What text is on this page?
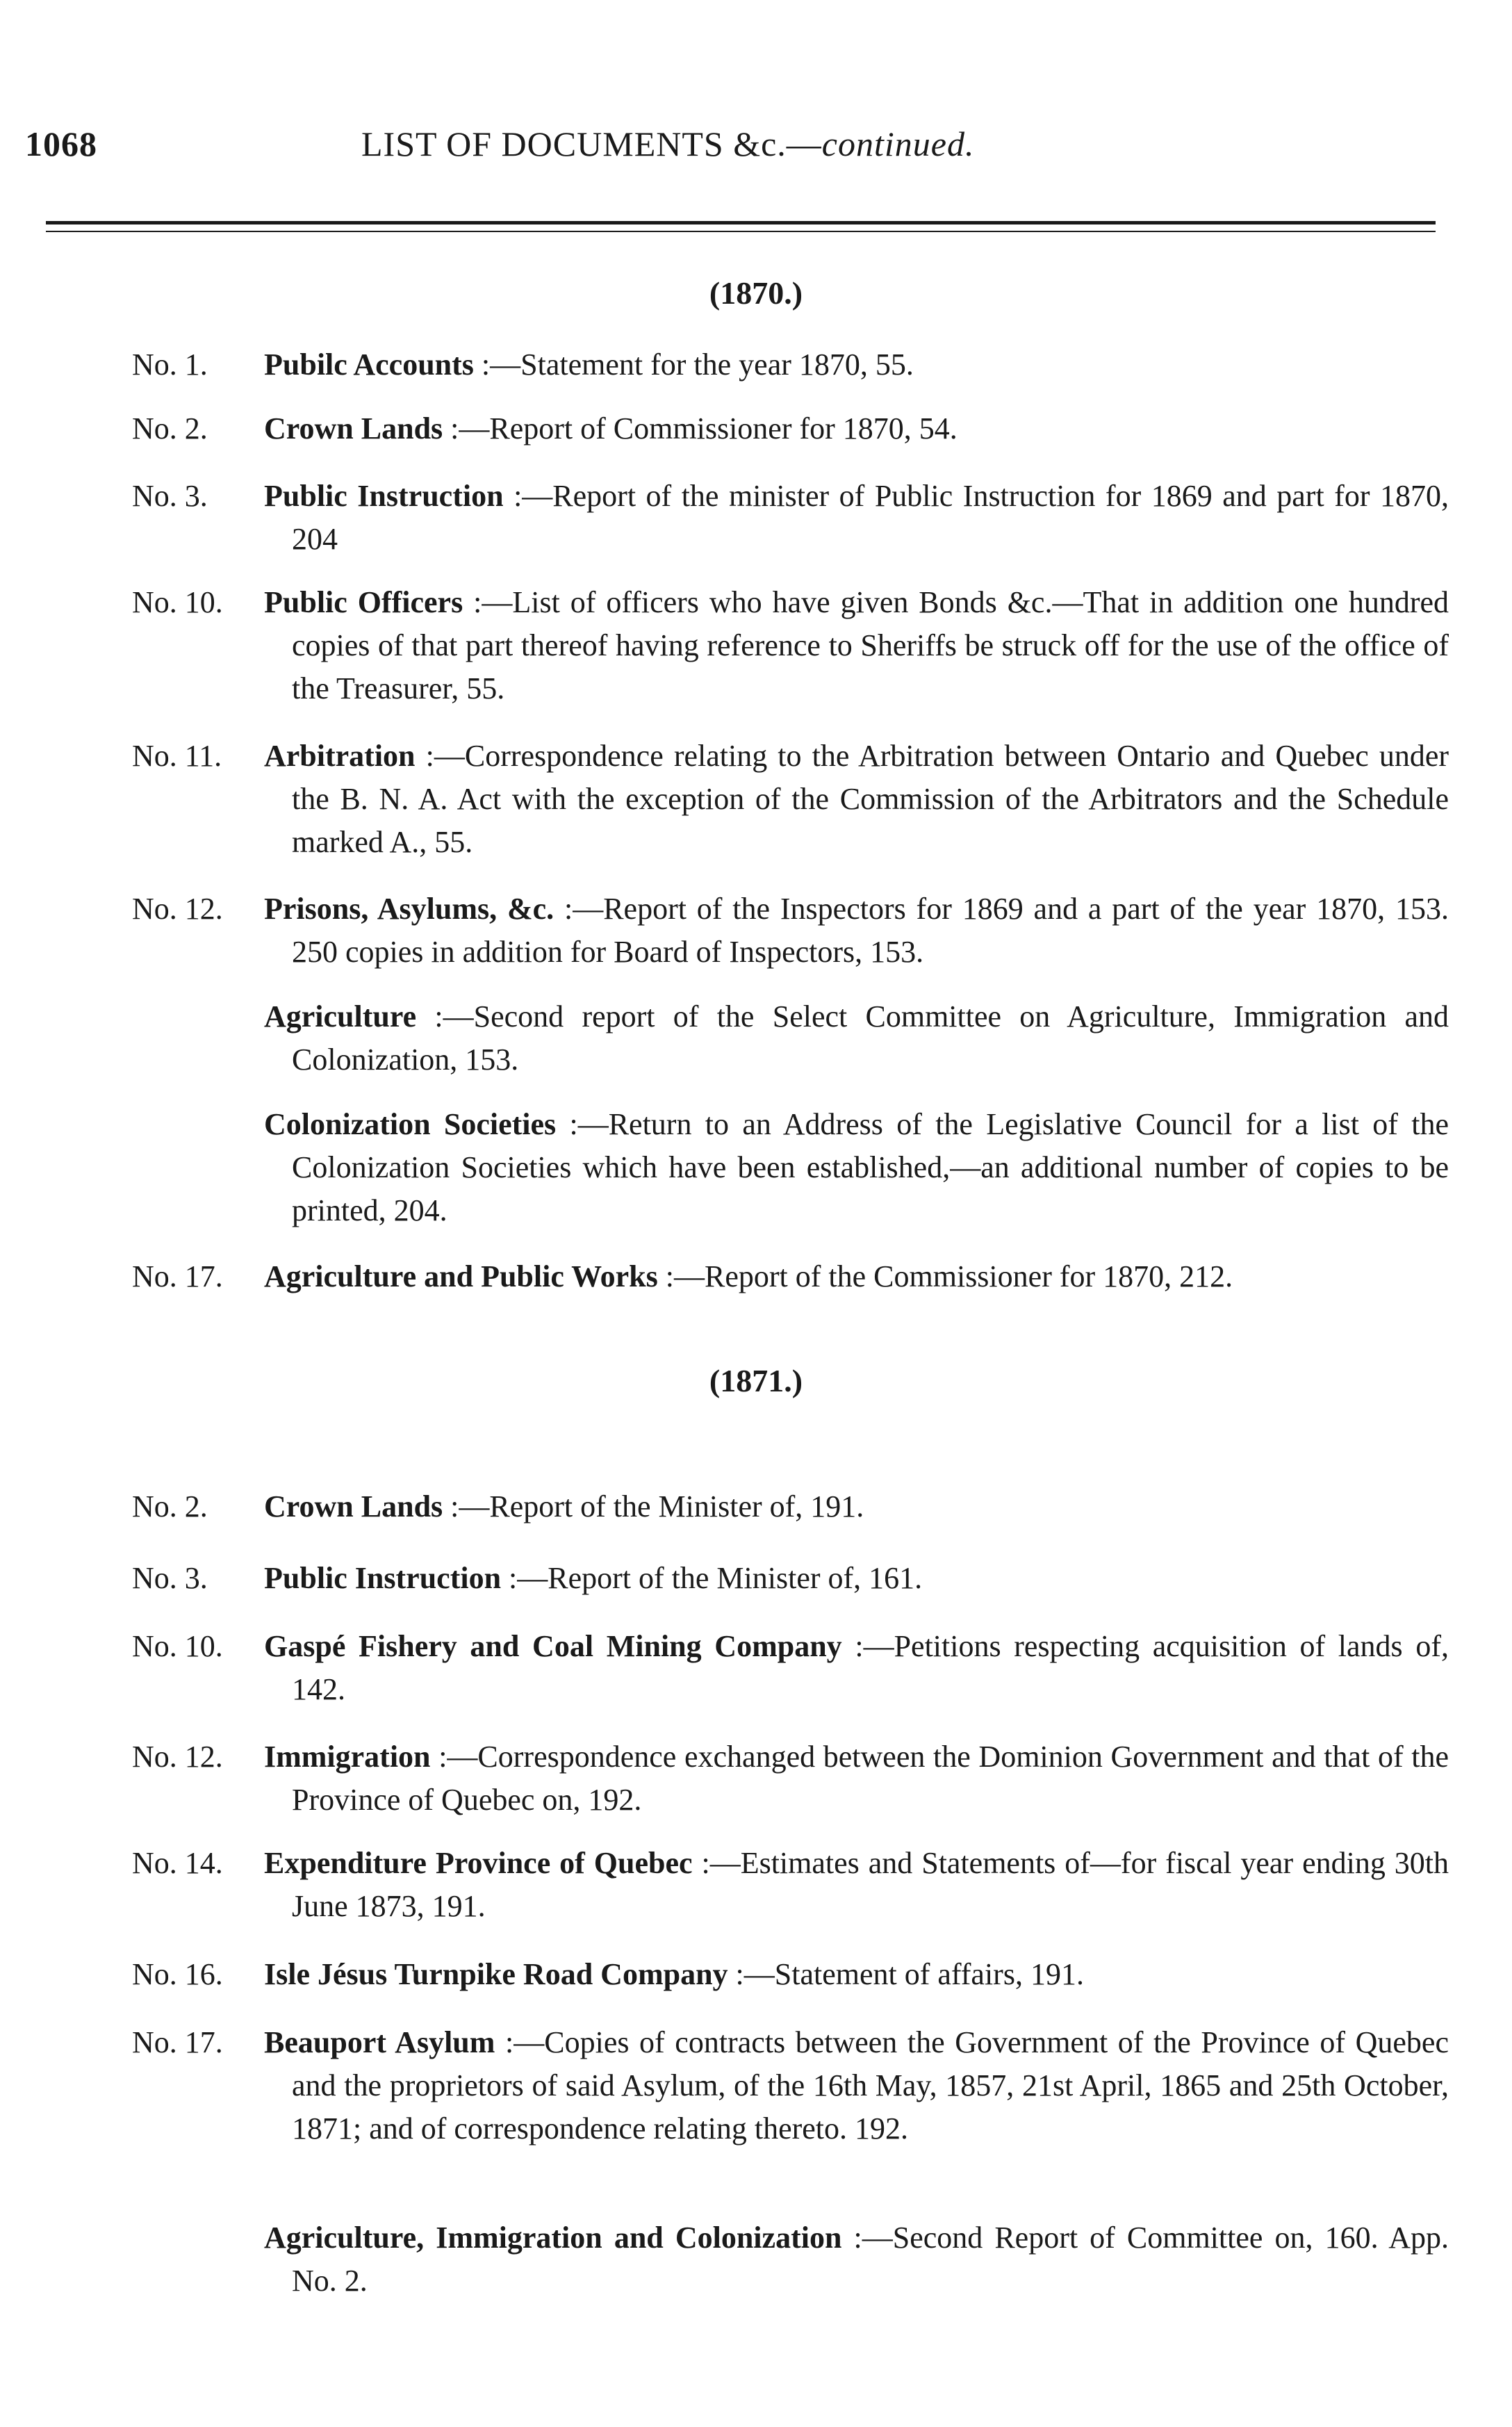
1068	LIST OF DOCUMENTS &c.—continued.
(1870.)
No. 1.	Pubilc Accounts :—Statement for the year 1870, 55.
No. 2.	Crown Lands :—Report of Commissioner for 1870, 54.
No. 3.	Public Instruction :—Report of the minister of Public Instruction for 1869 and part for 1870, 204
No. 10.	Public Officers :—List of officers who have given Bonds &c.—That in addition one hundred copies of that part thereof having reference to Sheriffs be struck off for the use of the office of the Treasurer, 55.
No. 11.	Arbitration :—Correspondence relating to the Arbitration between Ontario and Quebec under the B. N. A. Act with the exception of the Commission of the Arbitrators and the Schedule marked A., 55.
No. 12.	Prisons, Asylums, &c. :—Report of the Inspectors for 1869 and a part of the year 1870, 153. 250 copies in addition for Board of Inspectors, 153.
Agriculture :—Second report of the Select Committee on Agriculture, Immigration and Colonization, 153.
Colonization Societies :—Return to an Address of the Legislative Council for a list of the Colonization Societies which have been established,—an additional number of copies to be printed, 204.
No. 17.	Agriculture and Public Works :—Report of the Commissioner for 1870, 212.
(1871.)
No. 2.	Crown Lands :—Report of the Minister of, 191.
No. 3.	Public Instruction :—Report of the Minister of, 161.
No. 10.	Gaspé Fishery and Coal Mining Company :—Petitions respecting acquisition of lands of, 142.
No. 12.	Immigration :—Correspondence exchanged between the Dominion Government and that of the Province of Quebec on, 192.
No. 14.	Expenditure Province of Quebec :—Estimates and Statements of—for fiscal year ending 30th June 1873, 191.
No. 16.	Isle Jésus Turnpike Road Company :—Statement of affairs, 191.
No. 17.	Beauport Asylum :—Copies of contracts between the Government of the Province of Quebec and the proprietors of said Asylum, of the 16th May, 1857, 21st April, 1865 and 25th October, 1871; and of correspondence relating thereto. 192.
Agriculture, Immigration and Colonization :—Second Report of Committee on, 160. App. No. 2.
